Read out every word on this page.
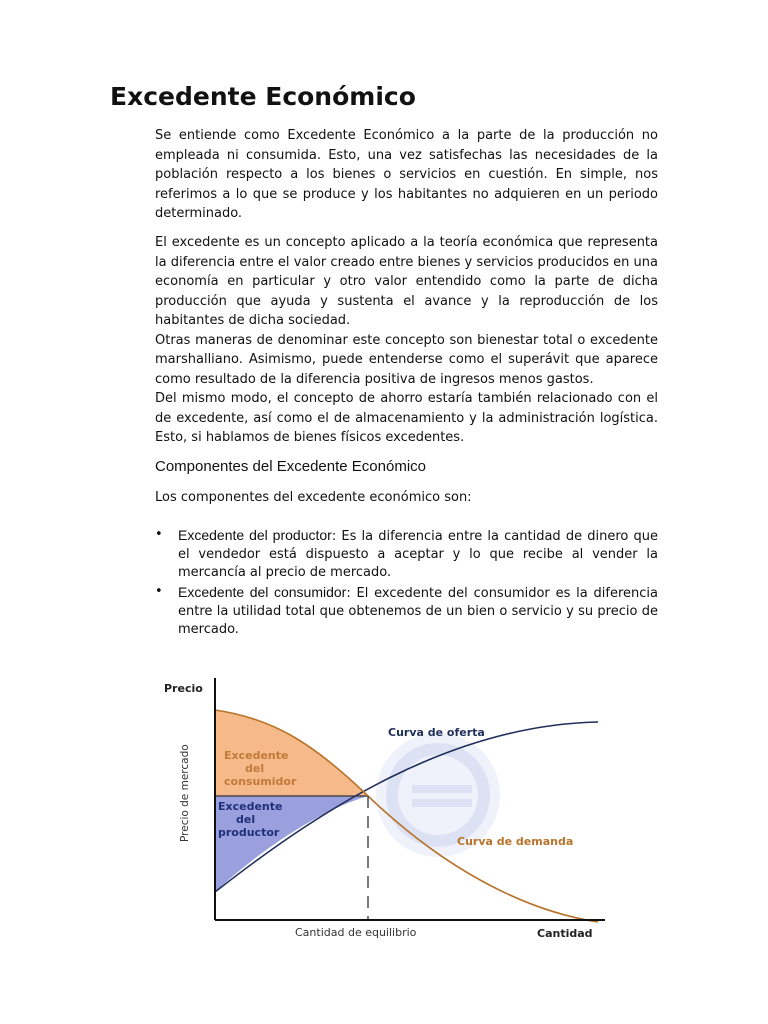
Excedente Económico

Se entiende como Excedente Económico a la parte de la producción no empleada ni consumida. Esto, una vez satisfechas las necesidades de la población respecto a los bienes o servicios en cuestión. En simple, nos referimos a lo que se produce y los habitantes no adquieren en un periodo determinado.

El excedente es un concepto aplicado a la teoría económica que representa la diferencia entre el valor creado entre bienes y servicios producidos en una economía en particular y otro valor entendido como la parte de dicha producción que ayuda y sustenta el avance y la reproducción de los habitantes de dicha sociedad.

Otras maneras de denominar este concepto son bienestar total o excedente marshalliano. Asimismo, puede entenderse como el superávit que aparece como resultado de la diferencia positiva de ingresos menos gastos.

Del mismo modo, el concepto de ahorro estaría también relacionado con el de excedente, así como el de almacenamiento y la administración logística. Esto, si hablamos de bienes físicos excedentes.

Componentes del Excedente Económico

Los componentes del excedente económico son:

• Excedente del productor: Es la diferencia entre la cantidad de dinero que el vendedor está dispuesto a aceptar y lo que recibe al vender la mercancía al precio de mercado.
• Excedente del consumidor: El excedente del consumidor es la diferencia entre la utilidad total que obtenemos de un bien o servicio y su precio de mercado.
Precio
Precio de mercado
Cantidad de equilibrio	Cantidad
Curva de oferta
Curva de demanda
Excedente
del
consumidor
Excedente
del
productor
